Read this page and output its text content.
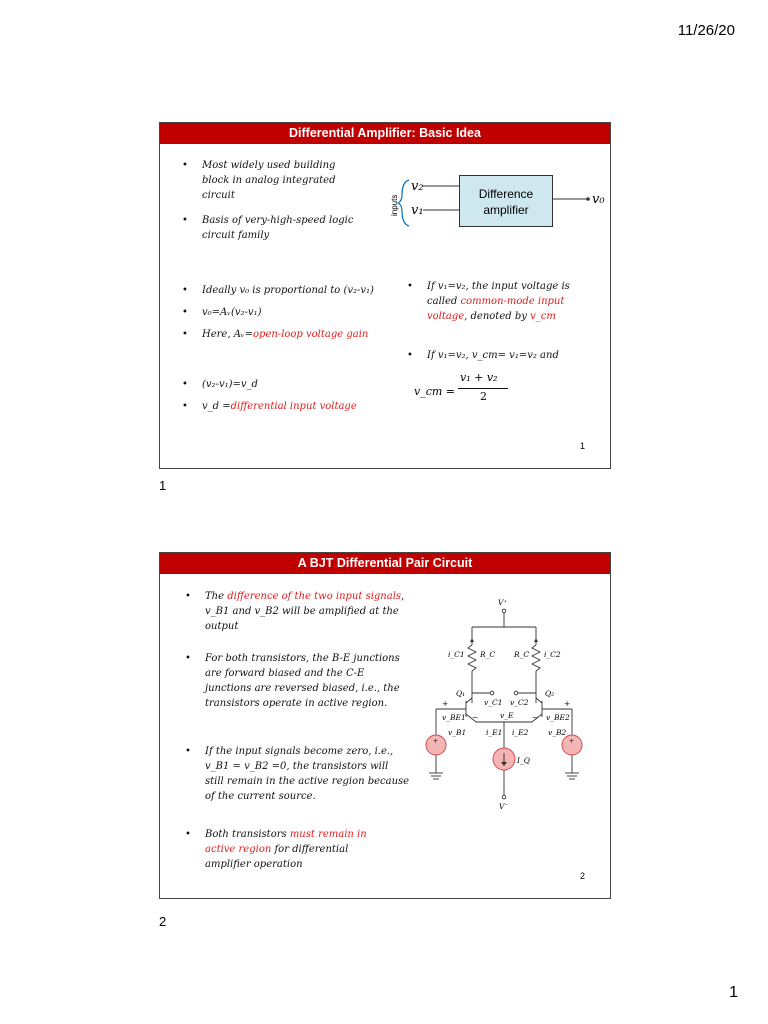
11/26/20
Differential Amplifier: Basic Idea
• Most widely used building block in analog integrated circuit
• Basis of very-high-speed logic circuit family
inputs
v₂
v₁
v₀
Difference
amplifier
• Ideally v₀ is proportional to (v₂-v₁)
• v₀=Aᵥ(v₂-v₁)
• Here, Aᵥ=open-loop voltage gain
• (v₂-v₁)=v_d
• v_d =differential input voltage
• If v₁=v₂, the input voltage is called common-mode input voltage, denoted by v_cm
• If v₁=v₂, v_cm= v₁=v₂ and
v_cm =
v₁ + v₂
2
1
1
A BJT Differential Pair Circuit
• The difference of the two input signals, v_B1 and v_B2 will be amplified at the output
• For both transistors, the B-E junctions are forward biased and the C-E junctions are reversed biased, i.e., the transistors operate in active region.
• If the input signals become zero, i.e., v_B1 = v_B2 =0, the transistors will still remain in the active region because of the current source.
• Both transistors must remain in active region for differential amplifier operation
V⁺
V⁻
i_C1 R_C	R_C i_C2
v_C1 v_C2
v_E
Q₁	Q₂
+
v_BE1 −
+
v_BE2
−
v_B1	v_B2
i_E1 i_E2
I_Q
+	+
2
2
1
